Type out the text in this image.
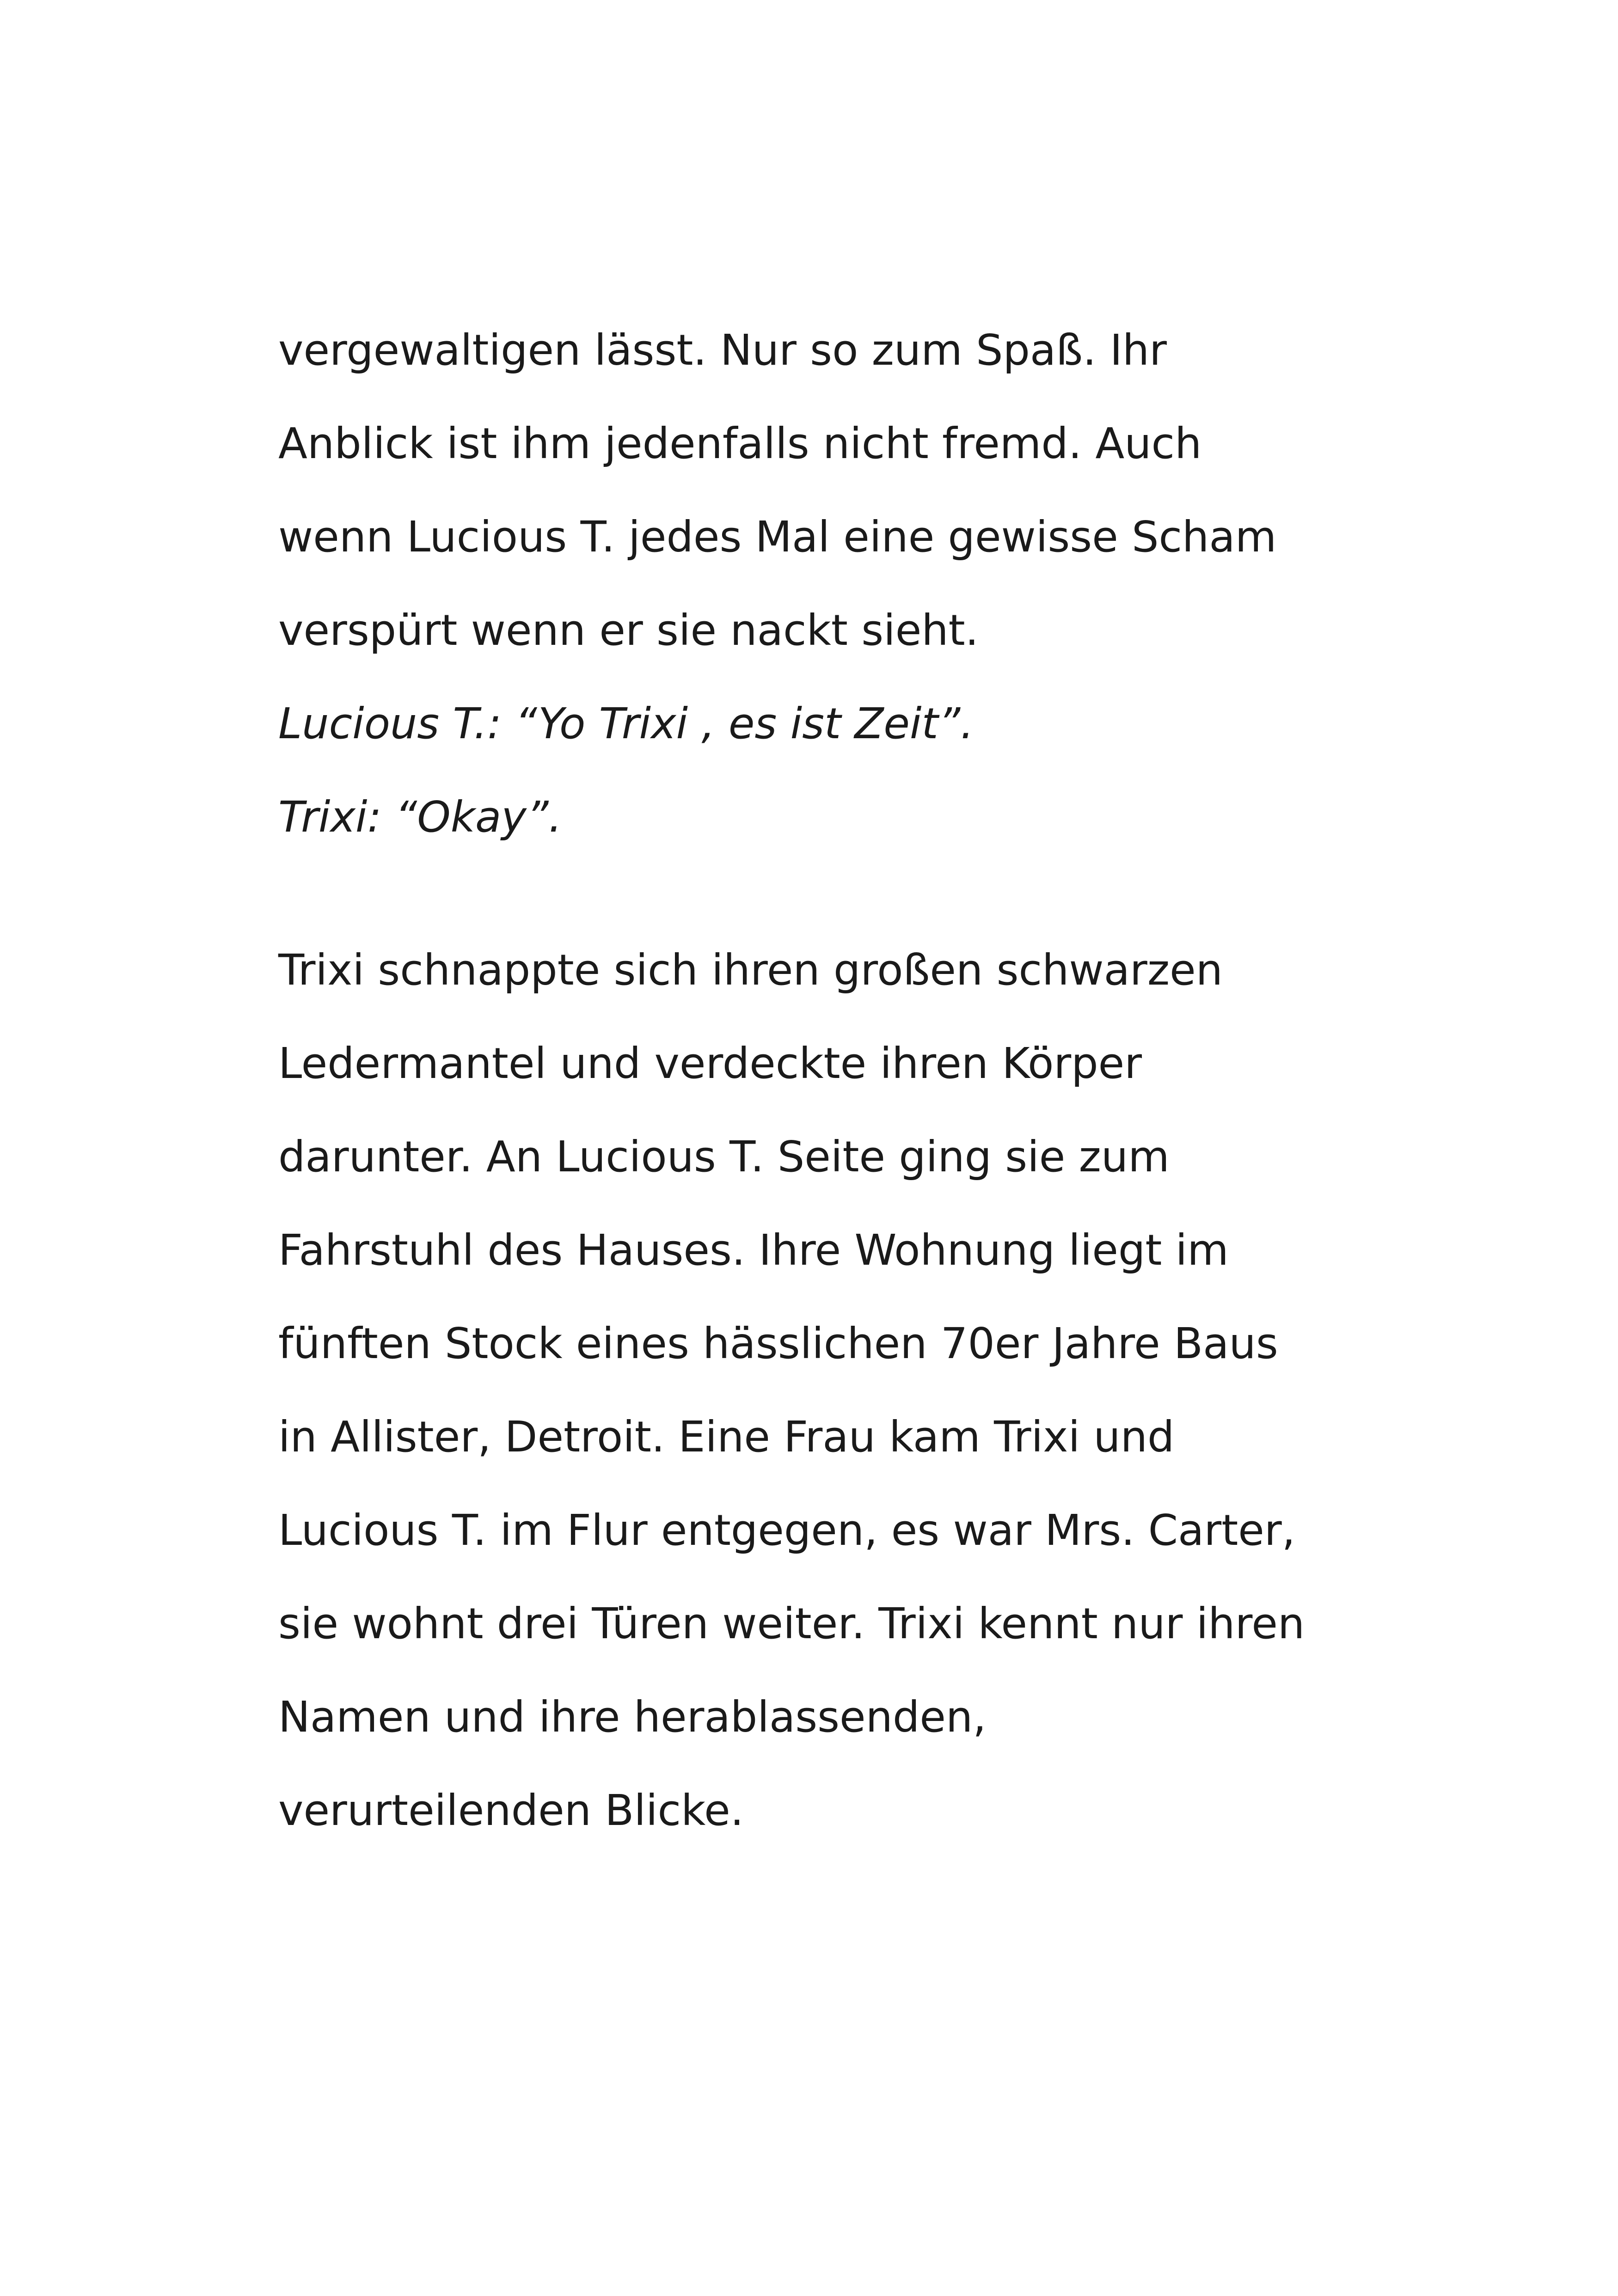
vergewaltigen lässt. Nur so zum Spaß. Ihr
Anblick ist ihm jedenfalls nicht fremd. Auch
wenn Lucious T. jedes Mal eine gewisse Scham
verspürt wenn er sie nackt sieht.
Lucious T.: “Yo Trixi , es ist Zeit”.
Trixi: “Okay”.
Trixi schnappte sich ihren großen schwarzen
Ledermantel und verdeckte ihren Körper
darunter. An Lucious T. Seite ging sie zum
Fahrstuhl des Hauses. Ihre Wohnung liegt im
fünften Stock eines hässlichen 70er Jahre Baus
in Allister, Detroit. Eine Frau kam Trixi und
Lucious T. im Flur entgegen, es war Mrs. Carter,
sie wohnt drei Türen weiter. Trixi kennt nur ihren
Namen und ihre herablassenden,
verurteilenden Blicke.
